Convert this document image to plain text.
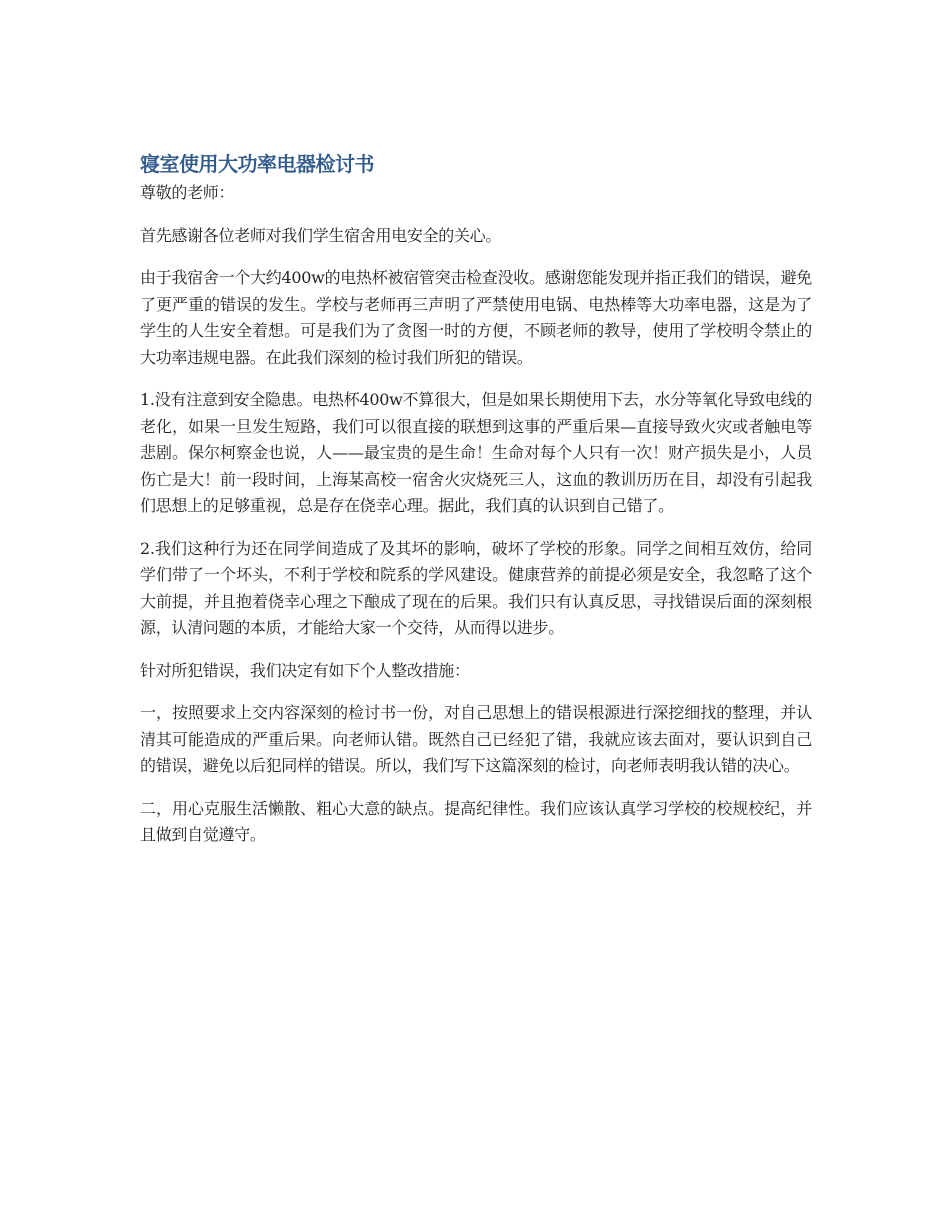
寝室使用大功率电器检讨书

尊敬的老师：

首先感谢各位老师对我们学生宿舍用电安全的关心。

由于我宿舍一个大约400w的电热杯被宿管突击检查没收。感谢您能发现并指正我们的错误，避免了更严重的错误的发生。学校与老师再三声明了严禁使用电锅、电热棒等大功率电器，这是为了学生的人生安全着想。可是我们为了贪图一时的方便，不顾老师的教导，使用了学校明令禁止的大功率违规电器。在此我们深刻的检讨我们所犯的错误。

1.没有注意到安全隐患。电热杯400w不算很大，但是如果长期使用下去，水分等氧化导致电线的老化，如果一旦发生短路，我们可以很直接的联想到这事的严重后果—直接导致火灾或者触电等悲剧。保尔柯察金也说，人——最宝贵的是生命！生命对每个人只有一次！财产损失是小，人员伤亡是大！前一段时间，上海某高校一宿舍火灾烧死三人，这血的教训历历在目，却没有引起我们思想上的足够重视，总是存在侥幸心理。据此，我们真的认识到自己错了。

2.我们这种行为还在同学间造成了及其坏的影响，破坏了学校的形象。同学之间相互效仿，给同学们带了一个坏头，不利于学校和院系的学风建设。健康营养的前提必须是安全，我忽略了这个大前提，并且抱着侥幸心理之下酿成了现在的后果。我们只有认真反思，寻找错误后面的深刻根源，认清问题的本质，才能给大家一个交待，从而得以进步。

针对所犯错误，我们决定有如下个人整改措施：

一，按照要求上交内容深刻的检讨书一份，对自己思想上的错误根源进行深挖细找的整理，并认清其可能造成的严重后果。向老师认错。既然自己已经犯了错，我就应该去面对，要认识到自己的错误，避免以后犯同样的错误。所以，我们写下这篇深刻的检讨，向老师表明我认错的决心。

二，用心克服生活懒散、粗心大意的缺点。提高纪律性。我们应该认真学习学校的校规校纪，并且做到自觉遵守。
